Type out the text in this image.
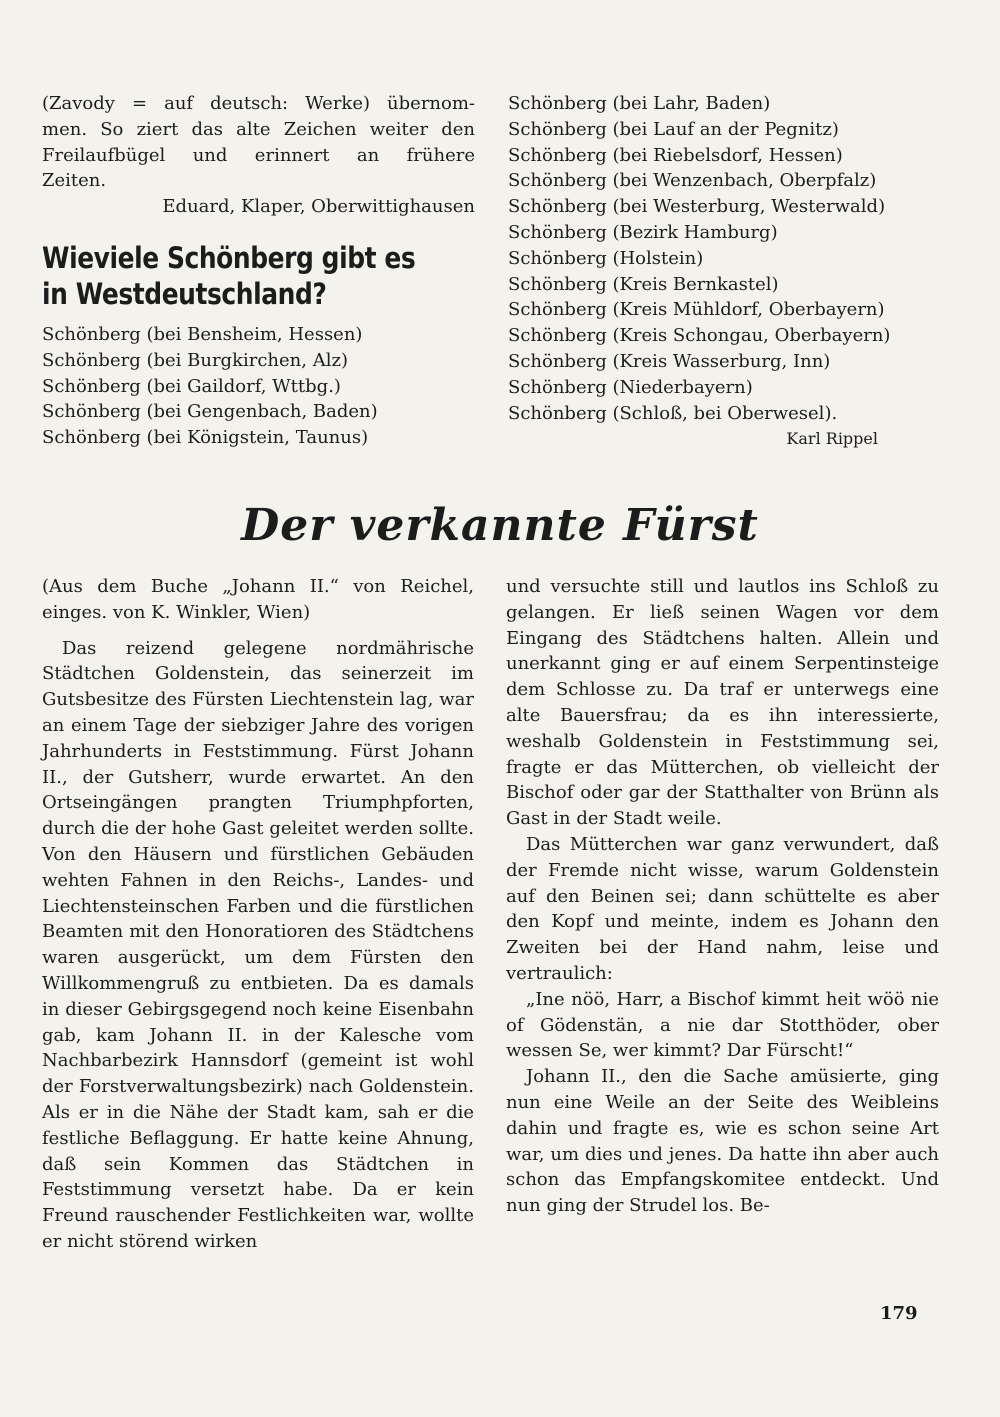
(Zavody = auf deutsch: Werke) übernom-
men. So ziert das alte Zeichen weiter den
Freilaufbügel und erinnert an frühere
Zeiten.
Eduard, Klaper, Oberwittighausen
Wieviele Schönberg gibt es
in Westdeutschland?
Schönberg (bei Bensheim, Hessen)
Schönberg (bei Burgkirchen, Alz)
Schönberg (bei Gaildorf, Wttbg.)
Schönberg (bei Gengenbach, Baden)
Schönberg (bei Königstein, Taunus)
Schönberg (bei Lahr, Baden)
Schönberg (bei Lauf an der Pegnitz)
Schönberg (bei Riebelsdorf, Hessen)
Schönberg (bei Wenzenbach, Oberpfalz)
Schönberg (bei Westerburg, Westerwald)
Schönberg (Bezirk Hamburg)
Schönberg (Holstein)
Schönberg (Kreis Bernkastel)
Schönberg (Kreis Mühldorf, Oberbayern)
Schönberg (Kreis Schongau, Oberbayern)
Schönberg (Kreis Wasserburg, Inn)
Schönberg (Niederbayern)
Schönberg (Schloß, bei Oberwesel).
Karl Rippel
Der verkannte Fürst

(Aus dem Buche „Johann II.“ von Reichel, einges. von K. Winkler, Wien)

Das reizend gelegene nordmährische Städtchen Goldenstein, das seinerzeit im Gutsbesitze des Fürsten Liechtenstein lag, war an einem Tage der siebziger Jahre des vorigen Jahrhunderts in Feststimmung. Fürst Johann II., der Gutsherr, wurde erwartet. An den Ortseingängen prangten Triumphpforten, durch die der hohe Gast geleitet werden sollte. Von den Häusern und fürstlichen Gebäuden wehten Fahnen in den Reichs-, Landes- und Liechtensteinschen Farben und die fürstlichen Beamten mit den Honoratioren des Städtchens waren ausgerückt, um dem Fürsten den Willkommengruß zu entbieten. Da es damals in dieser Gebirgsgegend noch keine Eisenbahn gab, kam Johann II. in der Kalesche vom Nachbarbezirk Hannsdorf (gemeint ist wohl der Forstverwaltungsbezirk) nach Goldenstein. Als er in die Nähe der Stadt kam, sah er die festliche Beflaggung. Er hatte keine Ahnung, daß sein Kommen das Städtchen in Feststimmung versetzt habe. Da er kein Freund rauschender Festlichkeiten war, wollte er nicht störend wirken

und versuchte still und lautlos ins Schloß zu gelangen. Er ließ seinen Wagen vor dem Eingang des Städtchens halten. Allein und unerkannt ging er auf einem Serpentinsteige dem Schlosse zu. Da traf er unterwegs eine alte Bauersfrau; da es ihn interessierte, weshalb Goldenstein in Feststimmung sei, fragte er das Mütterchen, ob vielleicht der Bischof oder gar der Statthalter von Brünn als Gast in der Stadt weile.

Das Mütterchen war ganz verwundert, daß der Fremde nicht wisse, warum Goldenstein auf den Beinen sei; dann schüttelte es aber den Kopf und meinte, indem es Johann den Zweiten bei der Hand nahm, leise und vertraulich:

„Ine nöö, Harr, a Bischof kimmt heit wöö nie of Gödenstän, a nie dar Stotthöder, ober wessen Se, wer kimmt? Dar Fürscht!“

Johann II., den die Sache amüsierte, ging nun eine Weile an der Seite des Weibleins dahin und fragte es, wie es schon seine Art war, um dies und jenes. Da hatte ihn aber auch schon das Empfangskomitee entdeckt. Und nun ging der Strudel los. Be-

179
